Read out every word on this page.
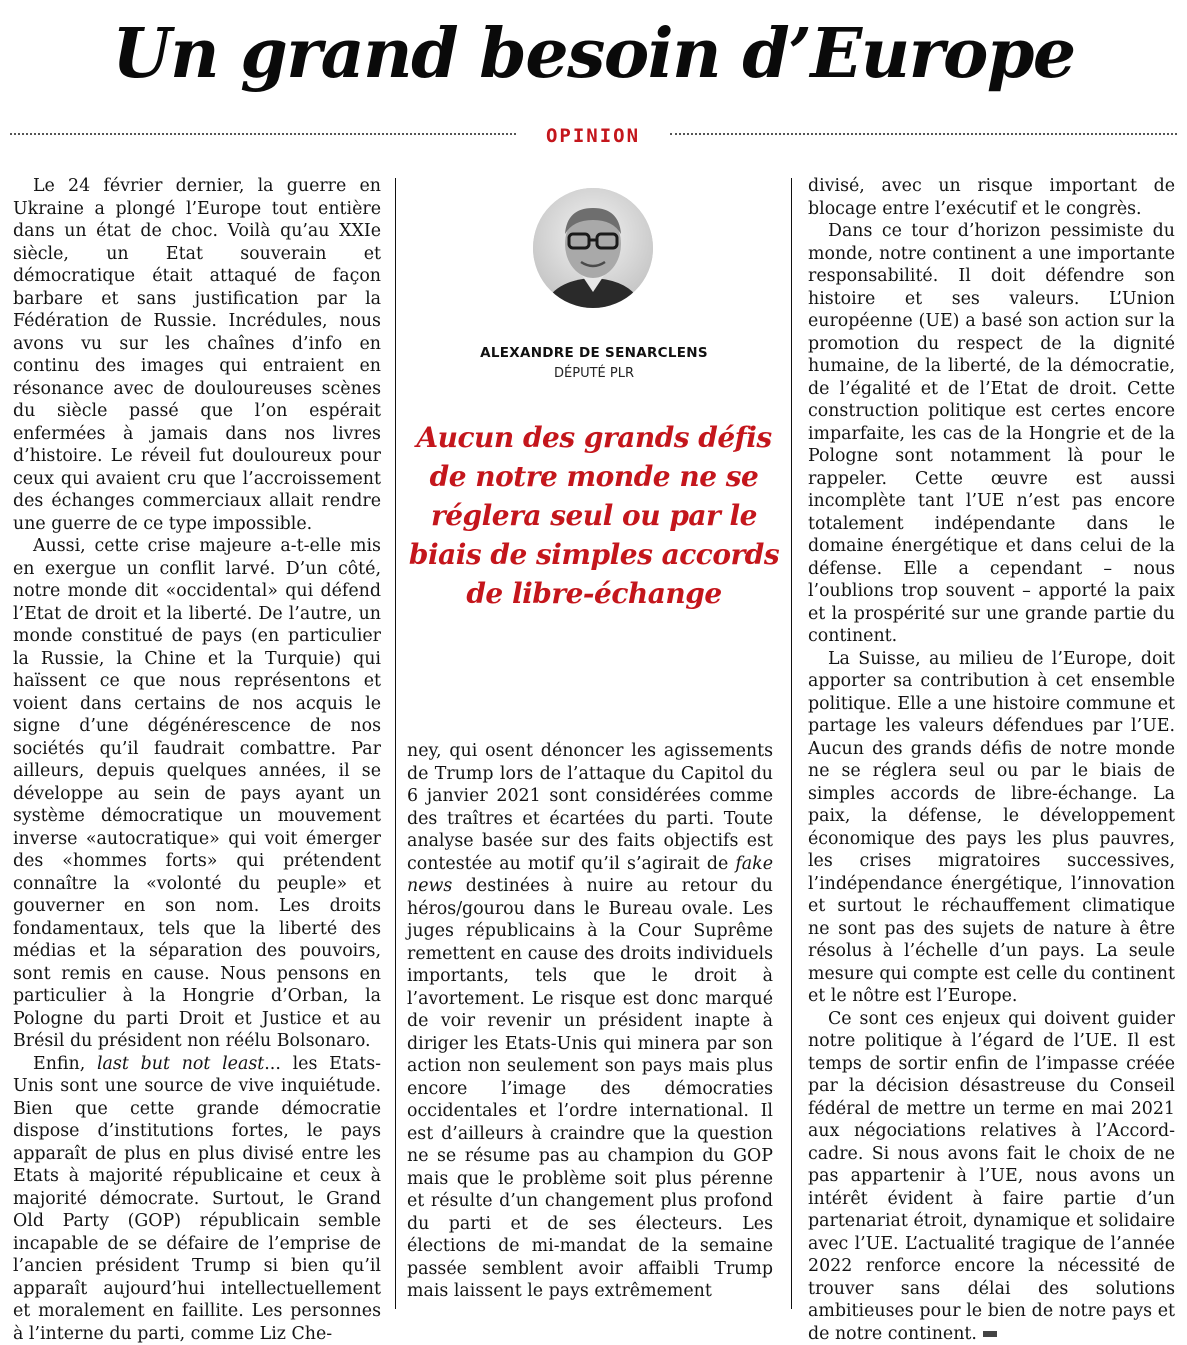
Un grand besoin d’Europe
OPINION

Le 24 février dernier, la guerre en Ukraine a plongé l’Europe tout entière dans un état de choc. Voilà qu’au XXIe siècle, un Etat souverain et démocratique était attaqué de façon barbare et sans justification par la Fédération de Russie. Incrédules, nous avons vu sur les chaînes d’info en continu des images qui entraient en résonance avec de douloureuses scènes du siècle passé que l’on espérait enfermées à jamais dans nos livres d’histoire. Le réveil fut douloureux pour ceux qui avaient cru que l’accroissement des échanges commerciaux allait rendre une guerre de ce type impossible.

Aussi, cette crise majeure a-t-elle mis en exergue un conflit larvé. D’un côté, notre monde dit «occidental» qui défend l’Etat de droit et la liberté. De l’autre, un monde constitué de pays (en particulier la Russie, la Chine et la Turquie) qui haïssent ce que nous représentons et voient dans certains de nos acquis le signe d’une dégénérescence de nos sociétés qu’il faudrait combattre. Par ailleurs, depuis quelques années, il se développe au sein de pays ayant un système démocratique un mouvement inverse «autocratique» qui voit émerger des «hommes forts» qui prétendent connaître la «volonté du peuple» et gouverner en son nom. Les droits fondamentaux, tels que la liberté des médias et la séparation des pouvoirs, sont remis en cause. Nous pensons en particulier à la Hongrie d’Orban, la Pologne du parti Droit et Justice et au Brésil du président non réélu Bolsonaro.

Enfin, last but not least... les Etats-Unis sont une source de vive inquiétude. Bien que cette grande démocratie dispose d’institutions fortes, le pays apparaît de plus en plus divisé entre les Etats à majorité républicaine et ceux à majorité démocrate. Surtout, le Grand Old Party (GOP) républicain semble incapable de se défaire de l’emprise de l’ancien président Trump si bien qu’il apparaît aujourd’hui intellectuellement et moralement en faillite. Les personnes à l’interne du parti, comme Liz Che-

ALEXANDRE DE SENARCLENS
DÉPUTÉ PLR
Aucun des grands défis de notre monde ne se réglera seul ou par le biais de simples accords de libre-échange

ney, qui osent dénoncer les agissements de Trump lors de l’attaque du Capitol du 6 janvier 2021 sont considérées comme des traîtres et écartées du parti. Toute analyse basée sur des faits objectifs est contestée au motif qu’il s’agirait de fake news destinées à nuire au retour du héros/gourou dans le Bureau ovale. Les juges républicains à la Cour Suprême remettent en cause des droits individuels importants, tels que le droit à l’avortement. Le risque est donc marqué de voir revenir un président inapte à diriger les Etats-Unis qui minera par son action non seulement son pays mais plus encore l’image des démocraties occidentales et l’ordre international. Il est d’ailleurs à craindre que la question ne se résume pas au champion du GOP mais que le problème soit plus pérenne et résulte d’un changement plus profond du parti et de ses électeurs. Les élections de mi-mandat de la semaine passée semblent avoir affaibli Trump mais laissent le pays extrêmement

divisé, avec un risque important de blocage entre l’exécutif et le congrès.

Dans ce tour d’horizon pessimiste du monde, notre continent a une importante responsabilité. Il doit défendre son histoire et ses valeurs. L’Union européenne (UE) a basé son action sur la promotion du respect de la dignité humaine, de la liberté, de la démocratie, de l’égalité et de l’Etat de droit. Cette construction politique est certes encore imparfaite, les cas de la Hongrie et de la Pologne sont notamment là pour le rappeler. Cette œuvre est aussi incomplète tant l’UE n’est pas encore totalement indépendante dans le domaine énergétique et dans celui de la défense. Elle a cependant – nous l’oublions trop souvent – apporté la paix et la prospérité sur une grande partie du continent.

La Suisse, au milieu de l’Europe, doit apporter sa contribution à cet ensemble politique. Elle a une histoire commune et partage les valeurs défendues par l’UE. Aucun des grands défis de notre monde ne se réglera seul ou par le biais de simples accords de libre-échange. La paix, la défense, le développement économique des pays les plus pauvres, les crises migratoires successives, l’indépendance énergétique, l’innovation et surtout le réchauffement climatique ne sont pas des sujets de nature à être résolus à l’échelle d’un pays. La seule mesure qui compte est celle du continent et le nôtre est l’Europe.

Ce sont ces enjeux qui doivent guider notre politique à l’égard de l’UE. Il est temps de sortir enfin de l’impasse créée par la décision désastreuse du Conseil fédéral de mettre un terme en mai 2021 aux négociations relatives à l’Accord-cadre. Si nous avons fait le choix de ne pas appartenir à l’UE, nous avons un intérêt évident à faire partie d’un partenariat étroit, dynamique et solidaire avec l’UE. L’actualité tragique de l’année 2022 renforce encore la nécessité de trouver sans délai des solutions ambitieuses pour le bien de notre pays et de notre continent.
